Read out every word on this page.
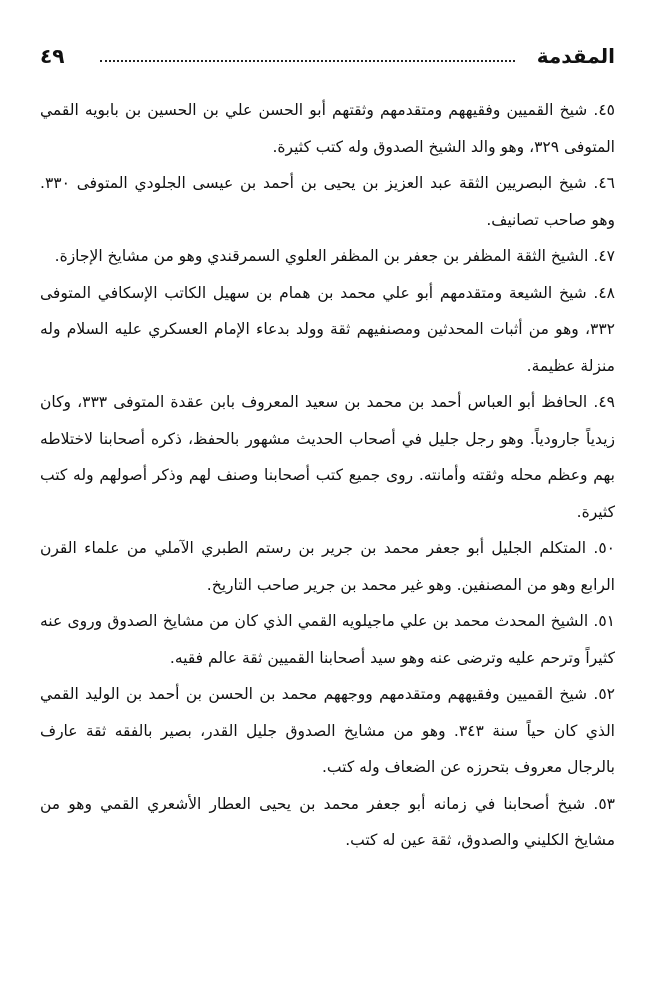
المقدمة
٤٩

٤٥. شيخ القميين وفقيههم ومتقدمهم وثقتهم أبو الحسن علي بن الحسين بن بابويه القمي المتوفى ٣٢٩، وهو والد الشيخ الصدوق وله كتب كثيرة.

٤٦. شيخ البصريين الثقة عبد العزيز بن يحيى بن أحمد بن عيسى الجلودي المتوفى ٣٣٠. وهو صاحب تصانيف.

٤٧. الشيخ الثقة المظفر بن جعفر بن المظفر العلوي السمرقندي وهو من مشايخ الإجازة.

٤٨. شيخ الشيعة ومتقدمهم أبو علي محمد بن همام بن سهيل الكاتب الإسكافي المتوفى ٣٣٢، وهو من أثبات المحدثين ومصنفيهم ثقة وولد بدعاء الإمام العسكري عليه السلام وله منزلة عظيمة.

٤٩. الحافظ أبو العباس أحمد بن محمد بن سعيد المعروف بابن عقدة المتوفى ٣٣٣، وكان زيدياً جارودياً. وهو رجل جليل في أصحاب الحديث مشهور بالحفظ، ذكره أصحابنا لاختلاطه بهم وعظم محله وثقته وأمانته. روى جميع كتب أصحابنا وصنف لهم وذكر أصولهم وله كتب كثيرة.

٥٠. المتكلم الجليل أبو جعفر محمد بن جرير بن رستم الطبري الآملي من علماء القرن الرابع وهو من المصنفين. وهو غير محمد بن جرير صاحب التاريخ.

٥١. الشيخ المحدث محمد بن علي ماجيلويه القمي الذي كان من مشايخ الصدوق وروى عنه كثيراً وترحم عليه وترضى عنه وهو سيد أصحابنا القميين ثقة عالم فقيه.

٥٢. شيخ القميين وفقيههم ومتقدمهم ووجههم محمد بن الحسن بن أحمد بن الوليد القمي الذي كان حياً سنة ٣٤٣. وهو من مشايخ الصدوق جليل القدر، بصير بالفقه ثقة عارف بالرجال معروف بتحرزه عن الضعاف وله كتب.

٥٣. شيخ أصحابنا في زمانه أبو جعفر محمد بن يحيى العطار الأشعري القمي وهو من مشايخ الكليني والصدوق، ثقة عين له كتب.
